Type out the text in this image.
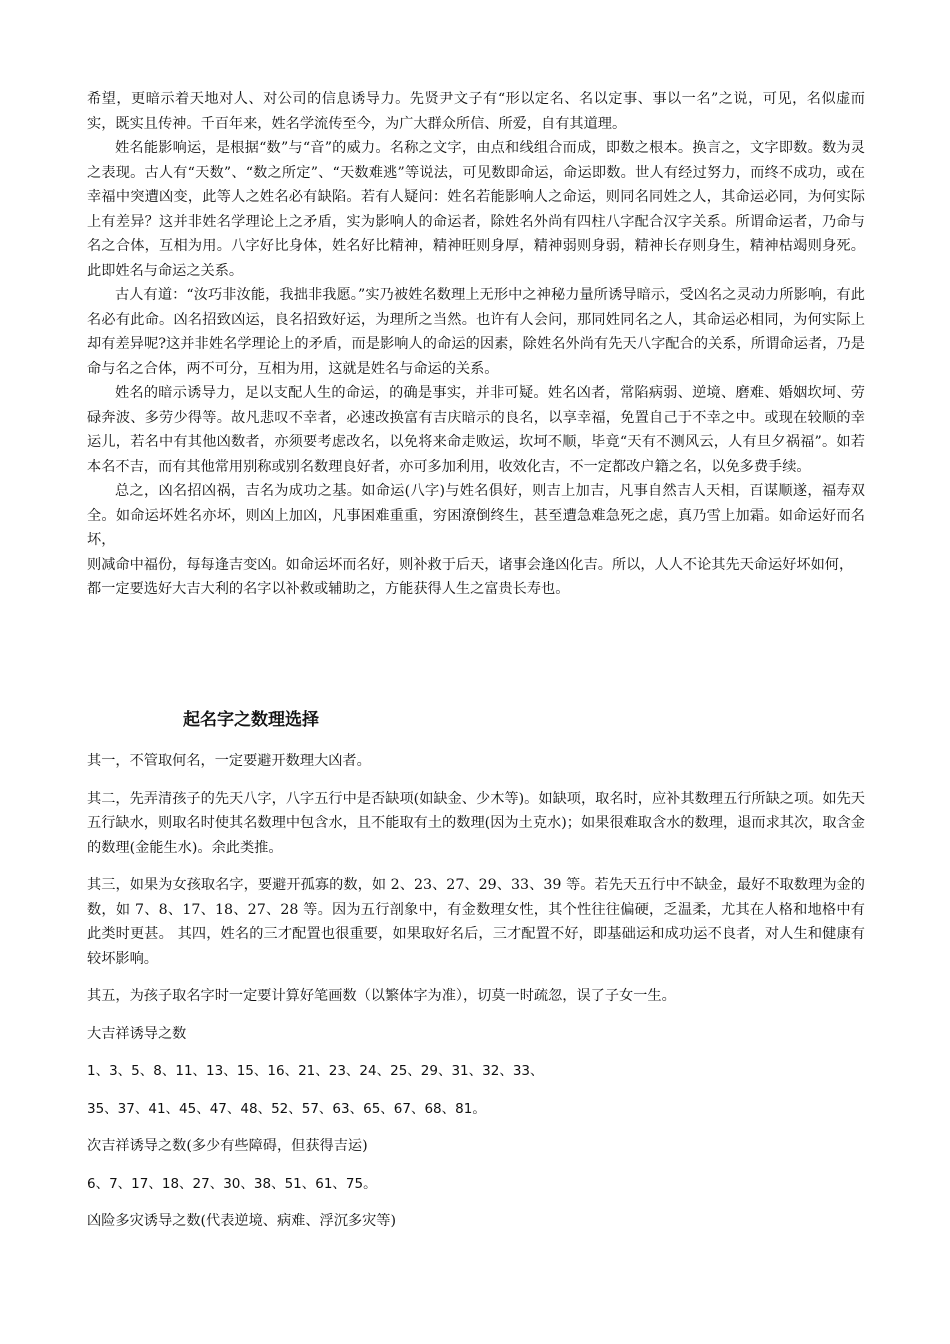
希望，更暗示着天地对人、对公司的信息诱导力。先贤尹文子有“形以定名、名以定事、事以一名”之说，可见，名似虚而实，既实且传神。千百年来，姓名学流传至今，为广大群众所信、所爱，自有其道理。

姓名能影响运，是根据“数”与“音”的威力。名称之文字，由点和线组合而成，即数之根本。换言之，文字即数。数为灵之表现。古人有“天数”、“数之所定”、“天数难逃”等说法，可见数即命运，命运即数。世人有经过努力，而终不成功，或在幸福中突遭凶变，此等人之姓名必有缺陷。若有人疑问：姓名若能影响人之命运，则同名同姓之人，其命运必同，为何实际上有差异？这并非姓名学理论上之矛盾，实为影响人的命运者，除姓名外尚有四柱八字配合汉字关系。所谓命运者，乃命与名之合体，互相为用。八字好比身体，姓名好比精神，精神旺则身厚，精神弱则身弱，精神长存则身生，精神枯竭则身死。此即姓名与命运之关系。

古人有道：“汝巧非汝能，我拙非我愿。”实乃被姓名数理上无形中之神秘力量所诱导暗示，受凶名之灵动力所影响，有此名必有此命。凶名招致凶运，良名招致好运，为理所之当然。也许有人会问，那同姓同名之人，其命运必相同，为何实际上却有差异呢?这并非姓名学理论上的矛盾，而是影响人的命运的因素，除姓名外尚有先天八字配合的关系，所谓命运者，乃是命与名之合体，两不可分，互相为用，这就是姓名与命运的关系。

姓名的暗示诱导力，足以支配人生的命运，的确是事实，并非可疑。姓名凶者，常陷病弱、逆境、磨难、婚姻坎坷、劳碌奔波、多劳少得等。故凡悲叹不幸者，必速改换富有吉庆暗示的良名，以享幸福，免置自己于不幸之中。或现在较顺的幸运儿，若名中有其他凶数者，亦须要考虑改名，以免将来命走败运，坎坷不顺，毕竟“天有不测风云，人有旦夕祸福”。如若本名不吉，而有其他常用别称或别名数理良好者，亦可多加利用，收效化吉，不一定都改户籍之名，以免多费手续。

总之，凶名招凶祸，吉名为成功之基。如命运(八字)与姓名俱好，则吉上加吉，凡事自然吉人天相，百谋顺遂，福寿双全。如命运坏姓名亦坏，则凶上加凶，凡事困难重重，穷困潦倒终生，甚至遭急难急死之虑，真乃雪上加霜。如命运好而名坏，

则减命中福份，每每逢吉变凶。如命运坏而名好，则补救于后天，诸事会逢凶化吉。所以，人人不论其先天命运好坏如何，

都一定要选好大吉大利的名字以补救或辅助之，方能获得人生之富贵长寿也。

起名字之数理选择

其一，不管取何名，一定要避开数理大凶者。

其二，先弄清孩子的先天八字，八字五行中是否缺项(如缺金、少木等)。如缺项，取名时，应补其数理五行所缺之项。如先天五行缺水，则取名时使其名数理中包含水，且不能取有土的数理(因为土克水)；如果很难取含水的数理，退而求其次，取含金的数理(金能生水)。余此类推。

其三，如果为女孩取名字，要避开孤寡的数，如 2、23、27、29、33、39 等。若先天五行中不缺金，最好不取数理为金的数，如 7、8、17、18、27、28 等。因为五行剖象中，有金数理女性，其个性往往偏硬，乏温柔，尤其在人格和地格中有此类时更甚。 其四，姓名的三才配置也很重要，如果取好名后，三才配置不好，即基础运和成功运不良者，对人生和健康有较坏影响。

其五，为孩子取名字时一定要计算好笔画数（以繁体字为准），切莫一时疏忽，误了子女一生。

大吉祥诱导之数

1、3、5、8、11、13、15、16、21、23、24、25、29、31、32、33、

35、37、41、45、47、48、52、57、63、65、67、68、81。

次吉祥诱导之数(多少有些障碍，但获得吉运)

6、7、17、18、27、30、38、51、61、75。

凶险多灾诱导之数(代表逆境、病难、浮沉多灾等)
